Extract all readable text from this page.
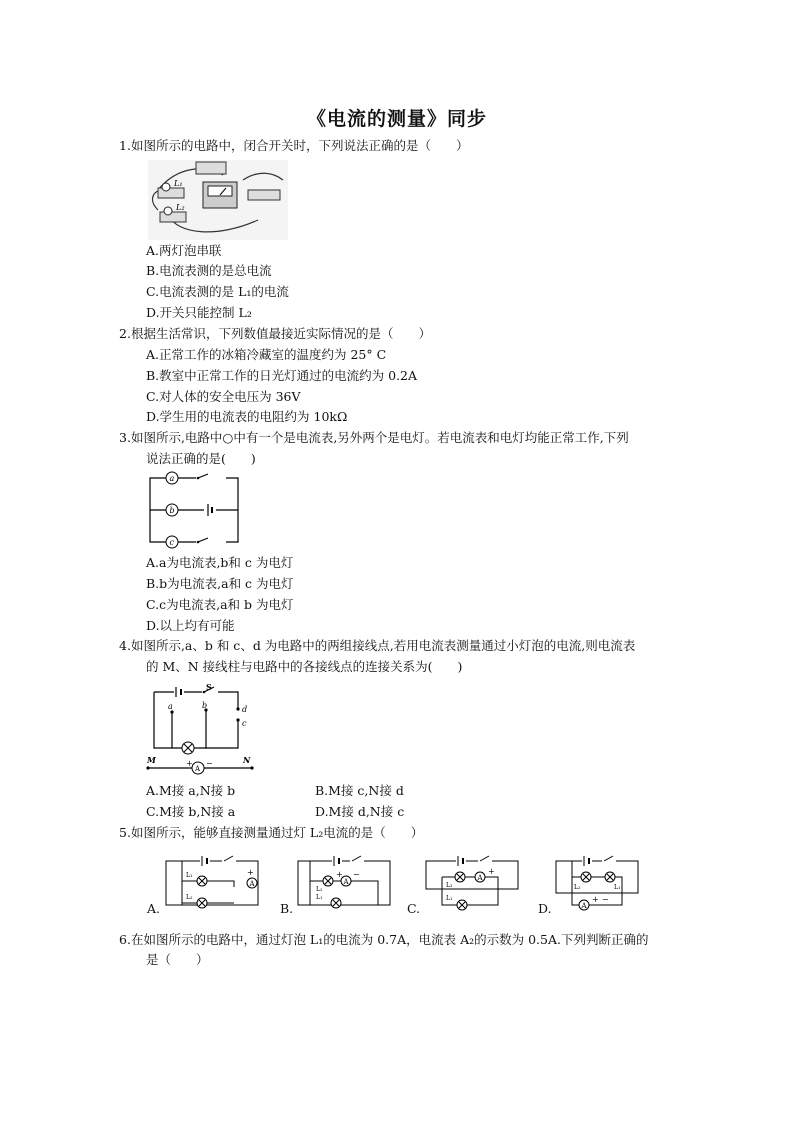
《电流的测量》同步
1.如图所示的电路中，闭合开关时，下列说法正确的是（　　）
L₁
L₂
A.两灯泡串联
B.电流表测的是总电流
C.电流表测的是 L₁的电流
D.开关只能控制 L₂
2.根据生活常识，下列数值最接近实际情况的是（　　）
A.正常工作的冰箱冷藏室的温度约为 25° C
B.教室中正常工作的日光灯通过的电流约为 0.2A
C.对人体的安全电压为 36V
D.学生用的电流表的电阻约为 10kΩ
3.如图所示,电路中○中有一个是电流表,另外两个是电灯。若电流表和电灯均能正常工作,下列
说法正确的是(　　)
a
b
c
A.a为电流表,b和 c 为电灯
B.b为电流表,a和 c 为电灯
C.c为电流表,a和 b 为电灯
D.以上均有可能
4.如图所示,a、b 和 c、d 为电路中的两组接线点,若用电流表测量通过小灯泡的电流,则电流表
的 M、N 接线柱与电路中的各接线点的连接关系为(　　)
S
a	b	d
c
M	N
A
+ −
A.M接 a,N接 b	B.M接 c,N接 d
C.M接 b,N接 a	D.M接 d,N接 c
5.如图所示，能够直接测量通过灯 L₂电流的是（　　）
A.	B.	C.	D.
A
+
L₁
L₂
A
+ −
L₂
L₁
A
+
L₂
L₁
A
+ −
L₂	L₁
6.在如图所示的电路中，通过灯泡 L₁的电流为 0.7A，电流表 A₂的示数为 0.5A.下列判断正确的
是（　　）
